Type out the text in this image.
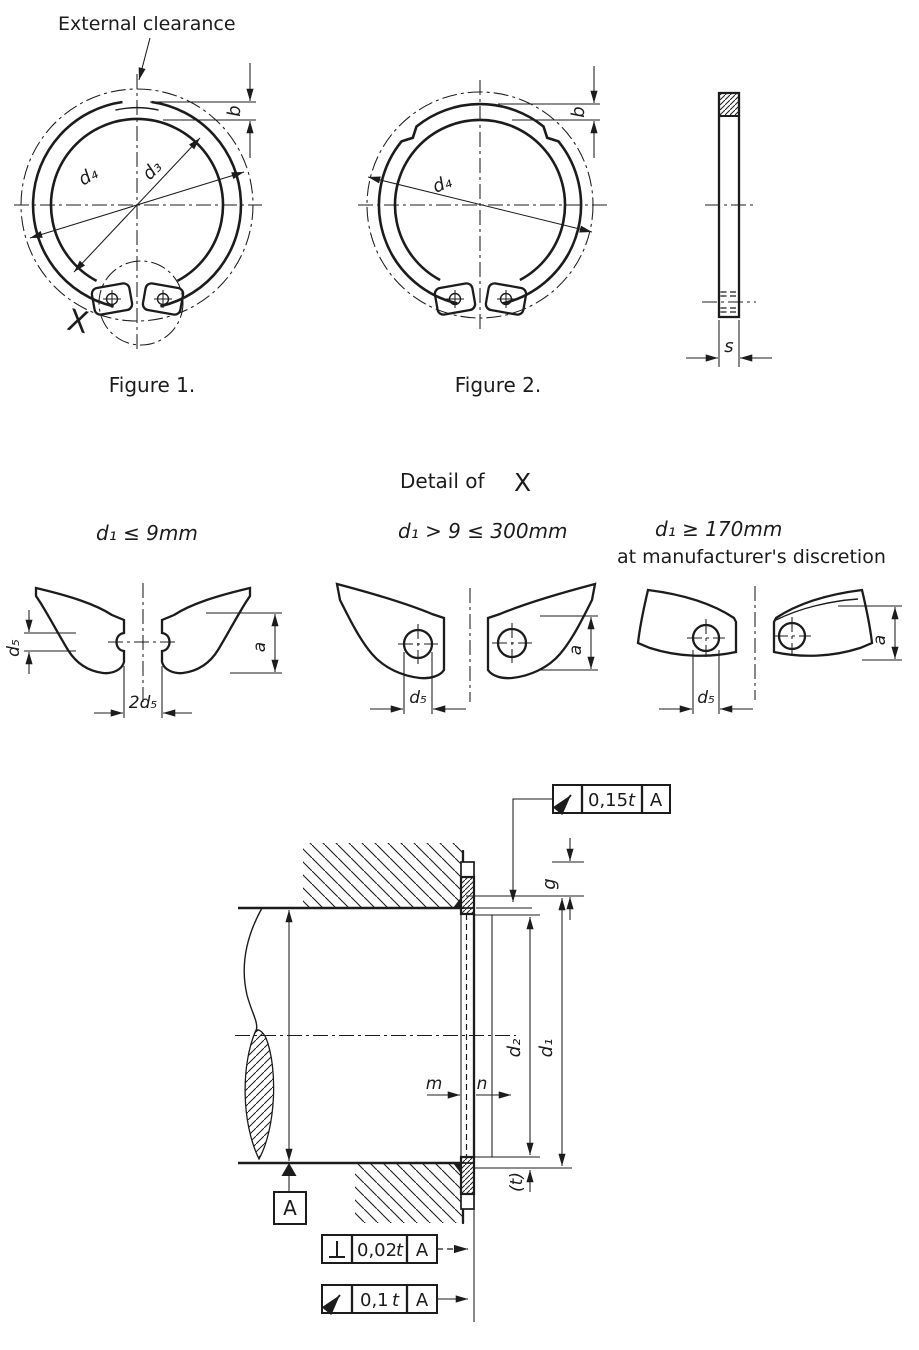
X
d₄ d₃
b
External clearance
Figure 1.
d₄
b
Figure 2.
s
Detail of X
d₁ ≤ 9mm
d₅
2d₅
a
d₁ > 9 ≤ 300mm
d₅
a
d₁ ≥ 170mm
at manufacturer's discretion
d₅
a
A
g
d₂ d₁
(t)
m n
0,15 t A
0,02
t A
0,1 t A
